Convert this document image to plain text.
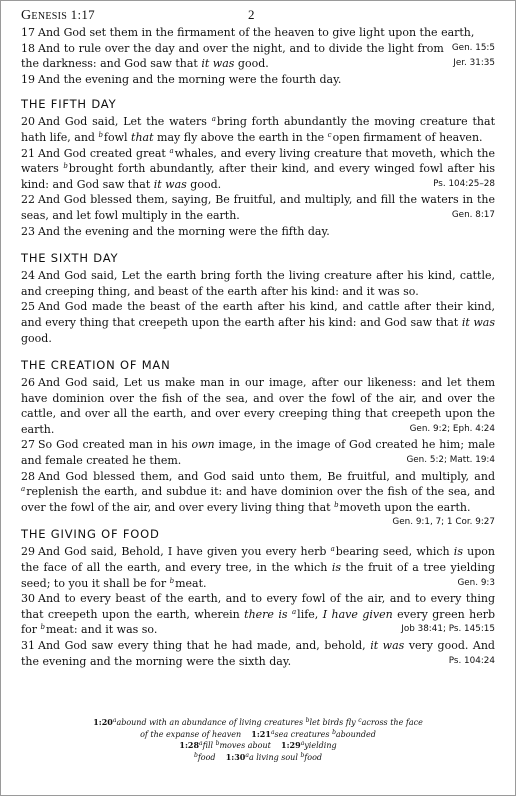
Genesis 1:17	2

17 And God set them in the firmament of the heaven to give light upon the earth,
Gen. 15:5

18 And to rule over the day and over the night, and to divide the light from the darkness: and God saw that it was good.	Jer. 31:35

19 And the evening and the morning were the fourth day.

THE FIFTH DAY

20 And God said, Let the waters $^a$bring forth abundantly the moving creature that hath life, and $^b$fowl that may fly above the earth in the $^c$open firmament of heaven.

21 And God created great $^a$whales, and every living creature that moveth, which the waters $^b$brought forth abundantly, after their kind, and every winged fowl after his kind: and God saw that it was good.	Ps. 104:25–28

22 And God blessed them, saying, Be fruitful, and multiply, and fill the waters in the seas, and let fowl multiply in the earth.	Gen. 8:17

23 And the evening and the morning were the fifth day.

THE SIXTH DAY

24 And God said, Let the earth bring forth the living creature after his kind, cattle, and creeping thing, and beast of the earth after his kind: and it was so.

25 And God made the beast of the earth after his kind, and cattle after their kind, and every thing that creepeth upon the earth after his kind: and God saw that it was good.

THE CREATION OF MAN

26 And God said, Let us make man in our image, after our likeness: and let them have dominion over the fish of the sea, and over the fowl of the air, and over the cattle, and over all the earth, and over every creeping thing that creepeth upon the earth.	Gen. 9:2; Eph. 4:24

27 So God created man in his own image, in the image of God created he him; male and female created he them.	Gen. 5:2; Matt. 19:4

28 And God blessed them, and God said unto them, Be fruitful, and multiply, and $^a$replenish the earth, and subdue it: and have dominion over the fish of the sea, and over the fowl of the air, and over every living thing that $^b$moveth upon the earth.
Gen. 9:1, 7; 1 Cor. 9:27

THE GIVING OF FOOD

29 And God said, Behold, I have given you every herb $^a$bearing seed, which is upon the face of all the earth, and every tree, in the which is the fruit of a tree yielding seed; to you it shall be for $^b$meat.	Gen. 9:3

30 And to every beast of the earth, and to every fowl of the air, and to every thing that creepeth upon the earth, wherein there is $^a$life, I have given every green herb for $^b$meat: and it was so.	Job 38:41; Ps. 145:15

31 And God saw every thing that he had made, and, behold, it was very good. And the evening and the morning were the sixth day.	Ps. 104:24

1:20$^a$abound with an abundance of living creatures $^b$let birds fly $^c$across the face
of the expanse of heaven 1:21$^a$sea creatures $^b$abounded
1:28$^a$fill $^b$moves about 1:29$^a$yielding
$^b$food 1:30$^a$a living soul $^b$food
